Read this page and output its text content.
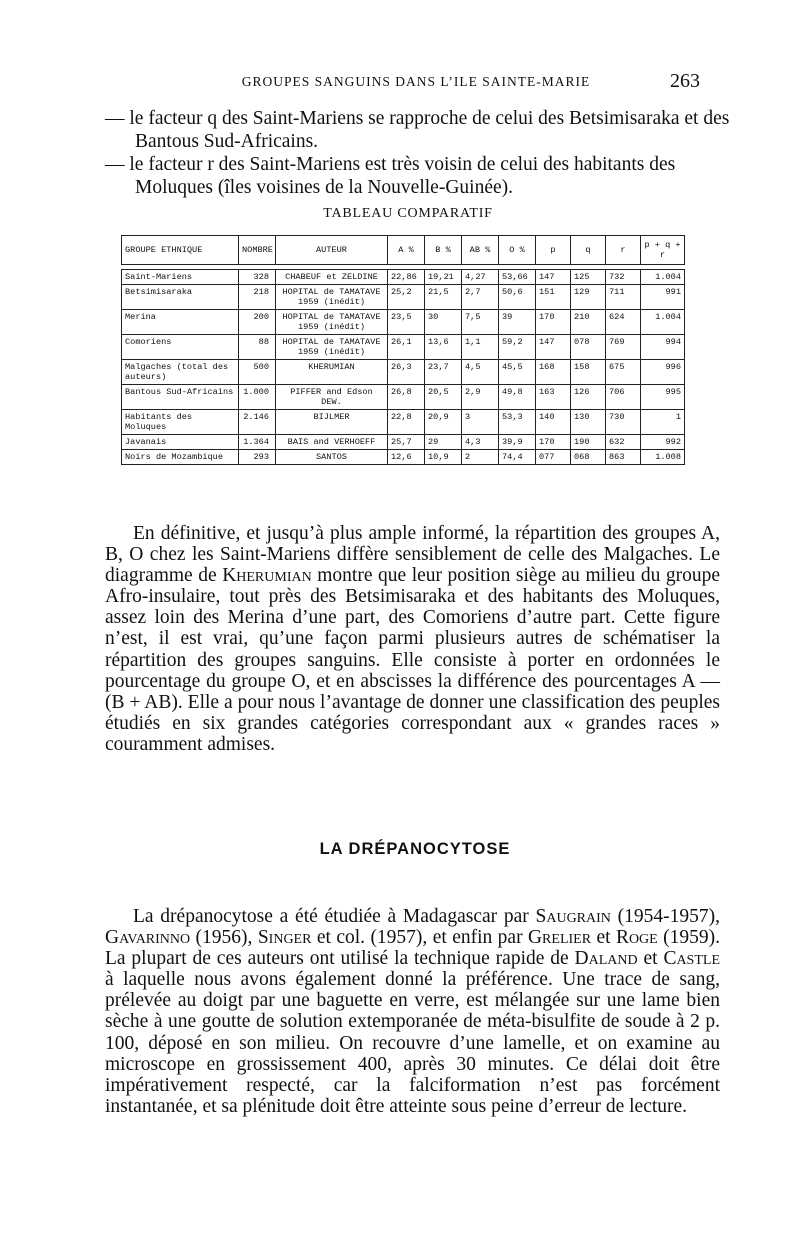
GROUPES SANGUINS DANS L’ILE SAINTE-MARIE	263
— le facteur q des Saint-Mariens se rapproche de celui des Betsimisaraka et des Bantous Sud-Africains.
— le facteur r des Saint-Mariens est très voisin de celui des habitants des Moluques (îles voisines de la Nouvelle-Guinée).
TABLEAU COMPARATIF
GROUPE ETHNIQUE	NOMBRE	AUTEUR	A %	B %	AB %	O %	p	q	r	p + q + r

Saint-Mariens	328	CHABEUF et ZELDINE	22,86	19,21	4,27	53,66	147	125	732	1.004
Betsimisaraka	218	HOPITAL de TAMATAVE 1959 (inédit)	25,2	21,5	2,7	50,6	151	129	711	991
Merina	200	HOPITAL de TAMATAVE 1959 (inédit)	23,5	30	7,5	39	170	210	624	1.004
Comoriens	88	HOPITAL de TAMATAVE 1959 (inédit)	26,1	13,6	1,1	59,2	147	078	769	994
Malgaches (total des auteurs)	500	KHERUMIAN	26,3	23,7	4,5	45,5	168	158	675	996
Bantous Sud-Africains	1.000	PIFFER and Edson DEW.	26,8	20,5	2,9	49,8	163	126	706	995
Habitants des Moluques	2.146	BIJLMER	22,8	20,9	3	53,3	140	130	730	1
Javanais	1.364	BAIS and VERHOEFF	25,7	29	4,3	39,9	170	190	632	992
Noirs de Mozambique	293	SANTOS	12,6	10,9	2	74,4	077	068	863	1.008
En définitive, et jusqu’à plus ample informé, la répartition des groupes A, B, O chez les Saint-Mariens diffère sensiblement de celle des Malgaches. Le diagramme de Kherumian montre que leur position siège au milieu du groupe Afro-insulaire, tout près des Betsimisaraka et des habitants des Moluques, assez loin des Merina d’une part, des Comoriens d’autre part. Cette figure n’est, il est vrai, qu’une façon parmi plusieurs autres de schématiser la répartition des groupes sanguins. Elle consiste à porter en ordonnées le pourcentage du groupe O, et en abscisses la différence des pourcentages A — (B + AB). Elle a pour nous l’avantage de donner une classification des peuples étudiés en six grandes catégories correspondant aux « grandes races » couramment admises.
LA DRÉPANOCYTOSE
La drépanocytose a été étudiée à Madagascar par Saugrain (1954-1957), Gavarinno (1956), Singer et col. (1957), et enfin par Grelier et Roge (1959). La plupart de ces auteurs ont utilisé la technique rapide de Daland et Castle à laquelle nous avons également donné la préférence. Une trace de sang, prélevée au doigt par une baguette en verre, est mélangée sur une lame bien sèche à une goutte de solution extemporanée de méta-bisulfite de soude à 2 p. 100, déposé en son milieu. On recouvre d’une lamelle, et on examine au microscope en grossissement 400, après 30 minutes. Ce délai doit être impérativement respecté, car la falciformation n’est pas forcément instantanée, et sa plénitude doit être atteinte sous peine d’erreur de lecture.
